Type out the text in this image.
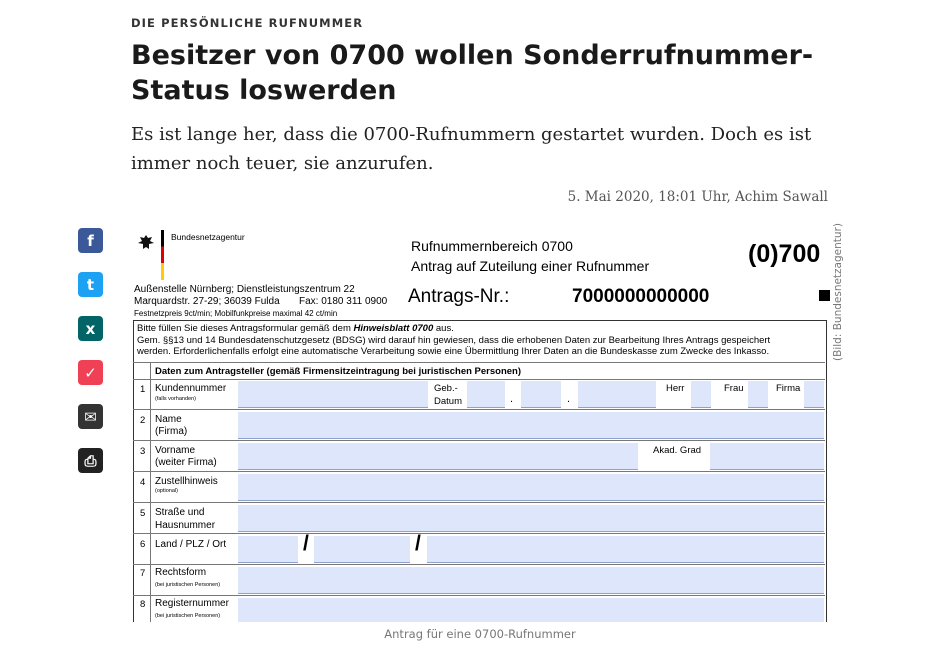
f
t
x
✓
✉
⎙
DIE PERSÖNLICHE RUFNUMMER
Besitzer von 0700 wollen Sonderrufnummer-Status loswerden

Es ist lange her, dass die 0700-Rufnummern gestartet wurden. Doch es ist immer noch teuer, sie anzurufen.

5. Mai 2020, 18:01 Uhr, Achim Sawall
Bundesnetzagentur
Außenstelle Nürnberg; Dienstleistungszentrum 22
Marquardstr. 27-29; 36039 Fulda Fax: 0180 311 0900
Festnetzpreis 9ct/min; Mobilfunkpreise maximal 42 ct/min
Rufnummernbereich 0700
Antrag auf Zuteilung einer Rufnummer	(0)700
Antrags-Nr.:	7000000000000
Bitte füllen Sie dieses Antragsformular gemäß dem Hinweisblatt 0700 aus.
Gem. §§13 und 14 Bundesdatenschutzgesetz (BDSG) wird darauf hin gewiesen, dass die erhobenen Daten zur Bearbeitung Ihres Antrags gespeichert
werden. Erforderlichenfalls erfolgt eine automatische Verarbeitung sowie eine Übermittlung Ihrer Daten an die Bundeskasse zum Zwecke des Inkasso.
Daten zum Antragsteller (gemäß Firmensitzeintragung bei juristischen Personen)
1 Kundennummer
(falls vorhanden)
Geb.-
Datum	.	.
Herr	Frau	Firma
2 Name
(Firma)
3 Vorname
(weiter Firma)
Akad. Grad
4 Zustellhinweis
(optional)
5 Straße und
Hausnummer
6 Land / PLZ / Ort	/	/
7 Rechtsform
(bei juristischen Personen)
8 Registernummer
(bei juristischen Personen)
(Bild: Bundesnetzagentur)
Antrag für eine 0700-Rufnummer
